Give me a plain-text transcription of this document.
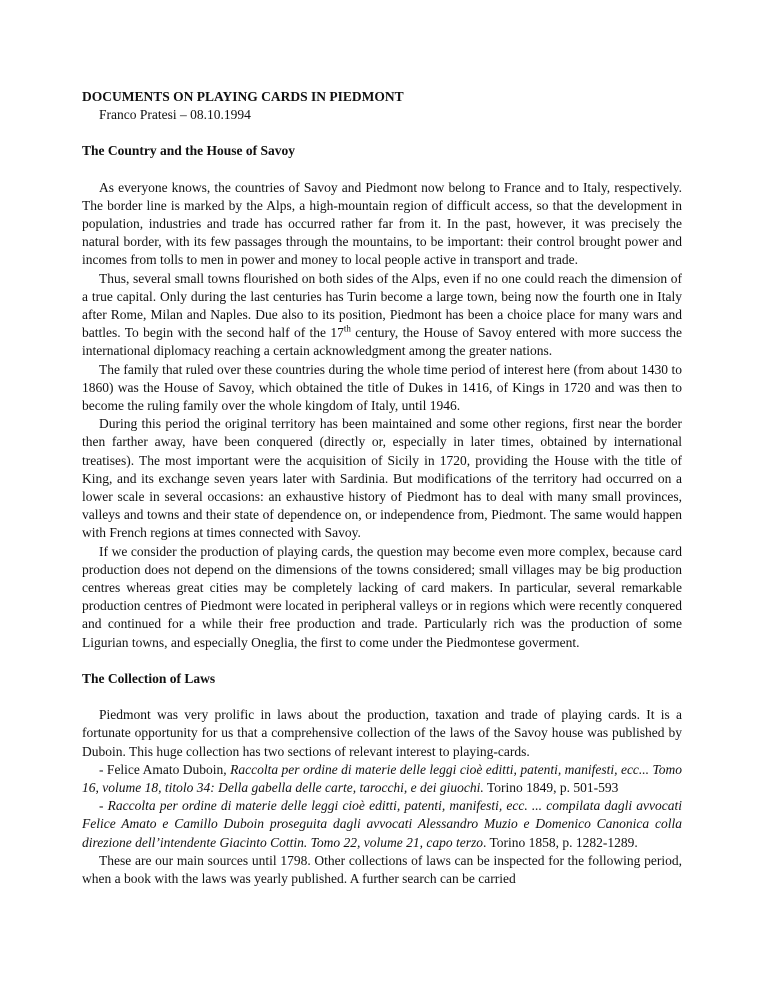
DOCUMENTS ON PLAYING CARDS IN PIEDMONT
Franco Pratesi – 08.10.1994
The Country and the House of Savoy

As everyone knows, the countries of Savoy and Piedmont now belong to France and to Italy, respectively. The border line is marked by the Alps, a high-mountain region of difficult access, so that the development in population, industries and trade has occurred rather far from it. In the past, however, it was precisely the natural border, with its few passages through the mountains, to be important: their control brought power and incomes from tolls to men in power and money to local people active in transport and trade.

Thus, several small towns flourished on both sides of the Alps, even if no one could reach the dimension of a true capital. Only during the last centuries has Turin become a large town, being now the fourth one in Italy after Rome, Milan and Naples. Due also to its position, Piedmont has been a choice place for many wars and battles. To begin with the second half of the 17th century, the House of Savoy entered with more success the international diplomacy reaching a certain acknowledgment among the greater nations.

The family that ruled over these countries during the whole time period of interest here (from about 1430 to 1860) was the House of Savoy, which obtained the title of Dukes in 1416, of Kings in 1720 and was then to become the ruling family over the whole kingdom of Italy, until 1946.

During this period the original territory has been maintained and some other regions, first near the border then farther away, have been conquered (directly or, especially in later times, obtained by international treatises). The most important were the acquisition of Sicily in 1720, providing the House with the title of King, and its exchange seven years later with Sardinia. But modifications of the territory had occurred on a lower scale in several occasions: an exhaustive history of Piedmont has to deal with many small provinces, valleys and towns and their state of dependence on, or independence from, Piedmont. The same would happen with French regions at times connected with Savoy.

If we consider the production of playing cards, the question may become even more complex, because card production does not depend on the dimensions of the towns considered; small villages may be big production centres whereas great cities may be completely lacking of card makers. In particular, several remarkable production centres of Piedmont were located in peripheral valleys or in regions which were recently conquered and continued for a while their free production and trade. Particularly rich was the production of some Ligurian towns, and especially Oneglia, the first to come under the Piedmontese goverment.

The Collection of Laws

Piedmont was very prolific in laws about the production, taxation and trade of playing cards. It is a fortunate opportunity for us that a comprehensive collection of the laws of the Savoy house was published by Duboin. This huge collection has two sections of relevant interest to playing-cards.

- Felice Amato Duboin, Raccolta per ordine di materie delle leggi cioè editti, patenti, manifesti, ecc... Tomo 16, volume 18, titolo 34: Della gabella delle carte, tarocchi, e dei giuochi. Torino 1849, p. 501-593

- Raccolta per ordine di materie delle leggi cioè editti, patenti, manifesti, ecc. ... compilata dagli avvocati Felice Amato e Camillo Duboin proseguita dagli avvocati Alessandro Muzio e Domenico Canonica colla direzione dell’intendente Giacinto Cottin. Tomo 22, volume 21, capo terzo. Torino 1858, p. 1282-1289.

These are our main sources until 1798. Other collections of laws can be inspected for the following period, when a book with the laws was yearly published. A further search can be carried
